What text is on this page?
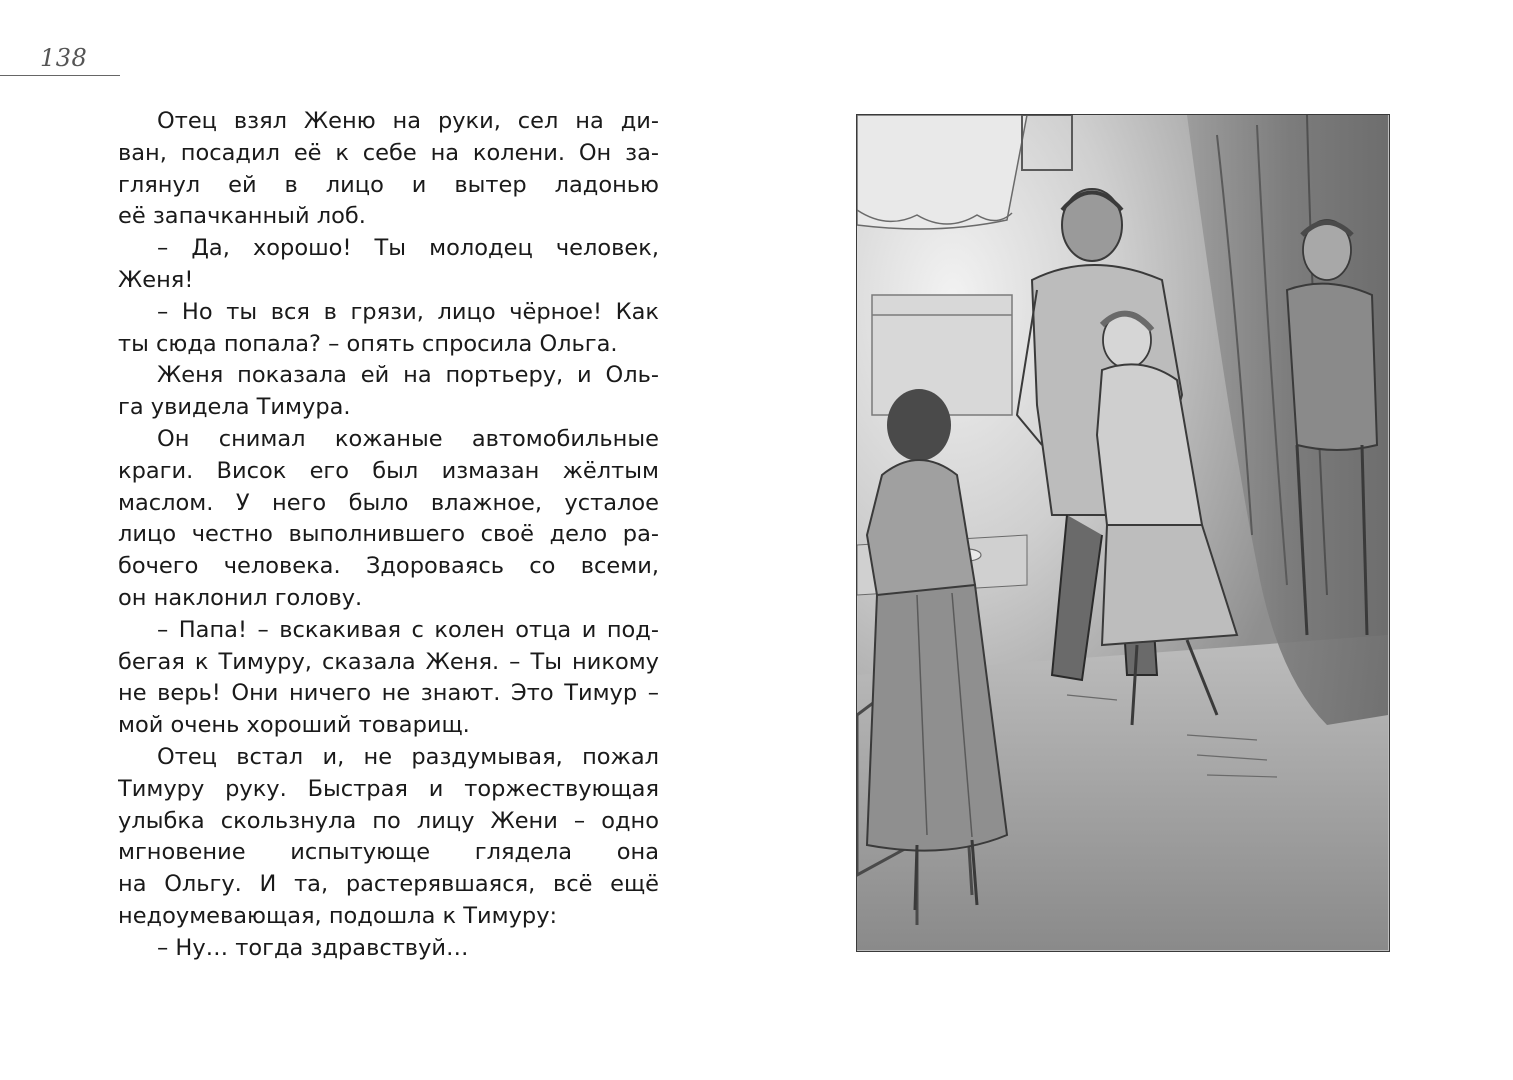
138
Отец взял Женю на руки, сел на ди-
ван, посадил её к себе на колени. Он за-
глянул ей в лицо и вытер ладонью
её запачканный лоб.
– Да, хорошо! Ты молодец человек,
Женя!
– Но ты вся в грязи, лицо чёрное! Как
ты сюда попала? – опять спросила Ольга.
Женя показала ей на портьеру, и Оль-
га увидела Тимура.
Он снимал кожаные автомобильные
краги. Висок его был измазан жёлтым
маслом. У него было влажное, усталое
лицо честно выполнившего своё дело ра-
бочего человека. Здороваясь со всеми,
он наклонил голову.
– Папа! – вскакивая с колен отца и под-
бегая к Тимуру, сказала Женя. – Ты никому
не верь! Они ничего не знают. Это Тимур –
мой очень хороший товарищ.
Отец встал и, не раздумывая, пожал
Тимуру руку. Быстрая и торжествующая
улыбка скользнула по лицу Жени – одно
мгновение испытующе глядела она
на Ольгу. И та, растерявшаяся, всё ещё
недоумевающая, подошла к Тимуру:
– Ну… тогда здравствуй…
